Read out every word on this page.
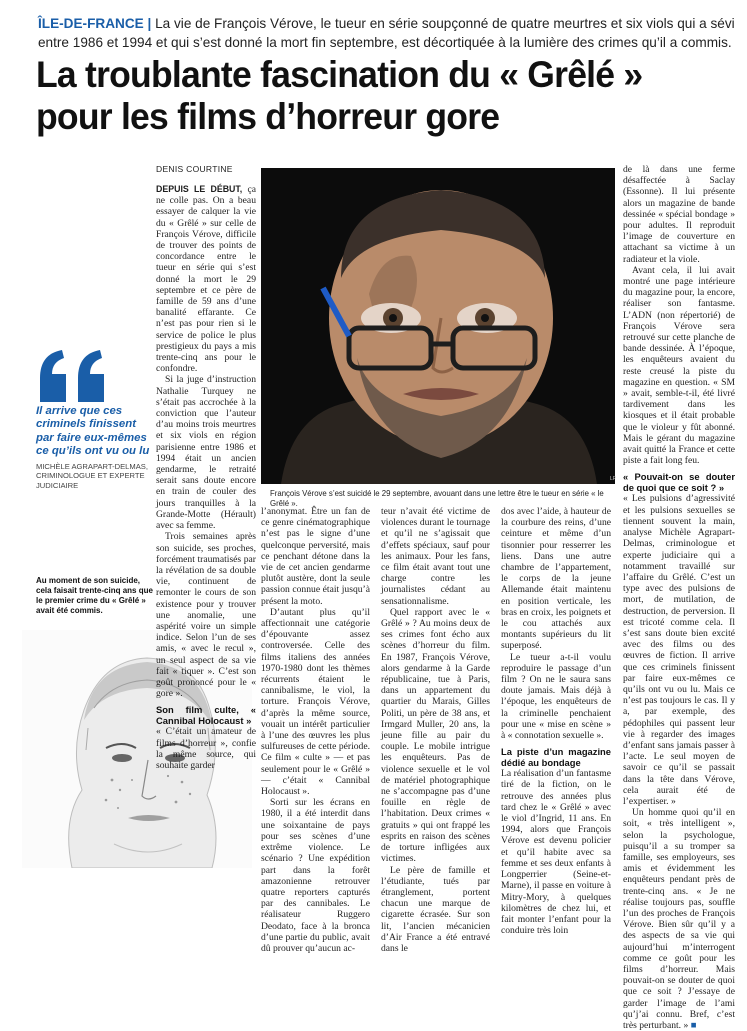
ÎLE-DE-FRANCE | La vie de François Vérove, le tueur en série soupçonné de quatre meurtres et six viols qui a sévi entre 1986 et 1994 et qui s’est donné la mort fin septembre, est décortiquée à la lumière des crimes qu’il a commis.
La troublante fascination du « Grêlé »
pour les films d’horreur gore
DENIS COURTINE
Il arrive que ces criminels finissent par faire eux-mêmes ce qu’ils ont vu ou lu
MICHÈLE AGRAPART-DELMAS, CRIMINOLOGUE ET EXPERTE JUDICIAIRE
Au moment de son suicide, cela faisait trente-cinq ans que le premier crime du « Grêlé » avait été commis.

DEPUIS LE DÉBUT, ça ne colle pas. On a beau essayer de calquer la vie du « Grêlé » sur celle de François Vérove, difficile de trouver des points de concordance entre le tueur en série qui s’est donné la mort le 29 septembre et ce père de famille de 59 ans d’une banalité effarante. Ce n’est pas pour rien si le service de police le plus prestigieux du pays a mis trente-cinq ans pour le confondre.

Si la juge d’instruction Nathalie Turquey ne s’était pas accrochée à la conviction que l’auteur d’au moins trois meurtres et six viols en région parisienne entre 1986 et 1994 était un ancien gendarme, le retraité serait sans doute encore en train de couler des jours tranquilles à la Grande-Motte (Hérault) avec sa femme.

Trois semaines après son suicide, ses proches, forcément traumatisés par la révélation de sa double vie, continuent de remonter le cours de son existence pour y trouver une anomalie, une aspérité voire un simple indice. Selon l’un de ses amis, « avec le recul », un seul aspect de sa vie fait « tiquer ». C’est son goût prononcé pour le « gore ».

Son film culte, « Cannibal Holocaust »

« C’était un amateur de films d’horreur », confie la même source, qui souhaite garder

LP
François Vérove s’est suicidé le 29 septembre, avouant dans une lettre être le tueur en série « le Grêlé ».

l’anonymat. Être un fan de ce genre cinématographique n’est pas le signe d’une quelconque perversité, mais ce penchant détone dans la vie de cet ancien gendarme plutôt austère, dont la seule passion connue était jusqu’à présent la moto.

D’autant plus qu’il affectionnait une catégorie d’épouvante assez controversée. Celle des films italiens des années 1970-1980 dont les thèmes récurrents étaient le cannibalisme, le viol, la torture. François Vérove, d’après la même source, vouait un intérêt particulier à l’une des œuvres les plus sulfureuses de cette période. Ce film « culte » — et pas seulement pour le « Grêlé » — c’était « Cannibal Holocaust ».

Sorti sur les écrans en 1980, il a été interdit dans une soixantaine de pays pour ses scènes d’une extrême violence. Le scénario ? Une expédition part dans la forêt amazonienne retrouver quatre reporters capturés par des cannibales. Le réalisateur Ruggero Deodato, face à la bronca d’une partie du public, avait dû prouver qu’aucun ac-

teur n’avait été victime de violences durant le tournage et qu’il ne s’agissait que d’effets spéciaux, sauf pour les animaux. Pour les fans, ce film était avant tout une charge contre les journalistes cédant au sensationnalisme.

Quel rapport avec le « Grêlé » ? Au moins deux de ses crimes font écho aux scènes d’horreur du film. En 1987, François Vérove, alors gendarme à la Garde républicaine, tue à Paris, dans un appartement du quartier du Marais, Gilles Politi, un père de 38 ans, et Irmgard Muller, 20 ans, la jeune fille au pair du couple. Le mobile intrigue les enquêteurs. Pas de violence sexuelle et le vol de matériel photographique ne s’accompagne pas d’une fouille en règle de l’habitation. Deux crimes « gratuits » qui ont frappé les esprits en raison des scènes de torture infligées aux victimes.

Le père de famille et l’étudiante, tués par étranglement, portent chacun une marque de cigarette écrasée. Sur son lit, l’ancien mécanicien d’Air France a été entravé dans le

dos avec l’aide, à hauteur de la courbure des reins, d’une ceinture et même d’un tisonnier pour resserrer les liens. Dans une autre chambre de l’appartement, le corps de la jeune Allemande était maintenu en position verticale, les bras en croix, les poignets et le cou attachés aux montants supérieurs du lit superposé.

Le tueur a-t-il voulu reproduire le passage d’un film ? On ne le saura sans doute jamais. Mais déjà à l’époque, les enquêteurs de la criminelle penchaient pour une « mise en scène » à « connotation sexuelle ».

La piste d’un magazine dédié au bondage

La réalisation d’un fantasme tiré de la fiction, on le retrouve des années plus tard chez le « Grêlé » avec le viol d’Ingrid, 11 ans. En 1994, alors que François Vérove est devenu policier et qu’il habite avec sa femme et ses deux enfants à Longperrier (Seine-et-Marne), il passe en voiture à Mitry-Mory, à quelques kilomètres de chez lui, et fait monter l’enfant pour la conduire très loin

de là dans une ferme désaffectée à Saclay (Essonne). Il lui présente alors un magazine de bande dessinée « spécial bondage » pour adultes. Il reproduit l’image de couverture en attachant sa victime à un radiateur et la viole.

Avant cela, il lui avait montré une page intérieure du magazine pour, la encore, réaliser son fantasme. L’ADN (non répertorié) de François Vérove sera retrouvé sur cette planche de bande dessinée. À l’époque, les enquêteurs avaient du reste creusé la piste du magazine en question. « SM » avait, semble-t-il, été livré tardivement dans les kiosques et il était probable que le violeur y fût abonné. Mais le gérant du magazine avait quitté la France et cette piste a fait long feu.

« Pouvait-on se douter de quoi que ce soit ? »

« Les pulsions d’agressivité et les pulsions sexuelles se tiennent souvent la main, analyse Michèle Agrapart-Delmas, criminologue et experte judiciaire qui a notamment travaillé sur l’affaire du Grêlé. C’est un type avec des pulsions de mort, de mutilation, de destruction, de perversion. Il est tricoté comme cela. Il s’est sans doute bien excité avec des films ou des œuvres de fiction. Il arrive que ces criminels finissent par faire eux-mêmes ce qu’ils ont vu ou lu. Mais ce n’est pas toujours le cas. Il y a, par exemple, des pédophiles qui passent leur vie à regarder des images d’enfant sans jamais passer à l’acte. Le seul moyen de savoir ce qu’il se passait dans la tête dans Vérove, cela aurait été de l’expertiser. »

Un homme quoi qu’il en soit, « très intelligent », selon la psychologue, puisqu’il a su tromper sa famille, ses employeurs, ses amis et évidemment les enquêteurs pendant près de trente-cinq ans. « Je ne réalise toujours pas, souffle l’un des proches de François Vérove. Bien sûr qu’il y a des aspects de sa vie qui aujourd’hui m’interrogent comme ce goût pour les films d’horreur. Mais pouvait-on se douter de quoi que ce soit ? J’essaye de garder l’image de l’ami qu’j’ai connu. Bref, c’est très perturbant. » ■
